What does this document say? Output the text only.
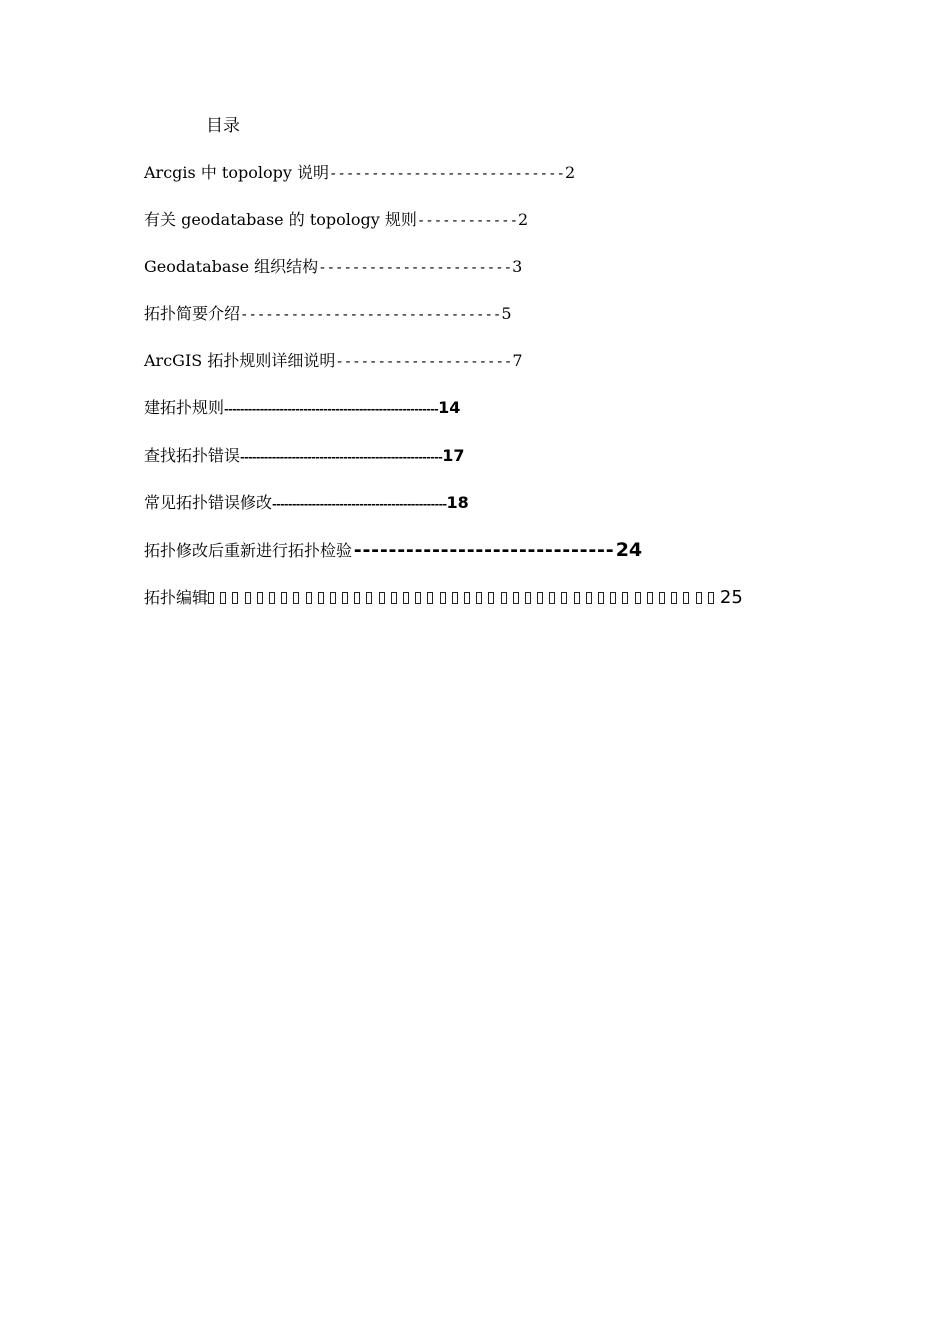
目录
Arcgis 中 topolopy 说明----------------------------2
有关 geodatabase 的 topology 规则------------2
Geodatabase 组织结构-----------------------3
拓扑简要介绍-------------------------------5
ArcGIS 拓扑规则详细说明---------------------7
建拓扑规则------------------------------------------------------14
查找拓扑错误---------------------------------------------------17
常见拓扑错误修改--------------------------------------------18
拓扑修改后重新进行拓扑检验------------------------------ 24
拓扑编辑	25
